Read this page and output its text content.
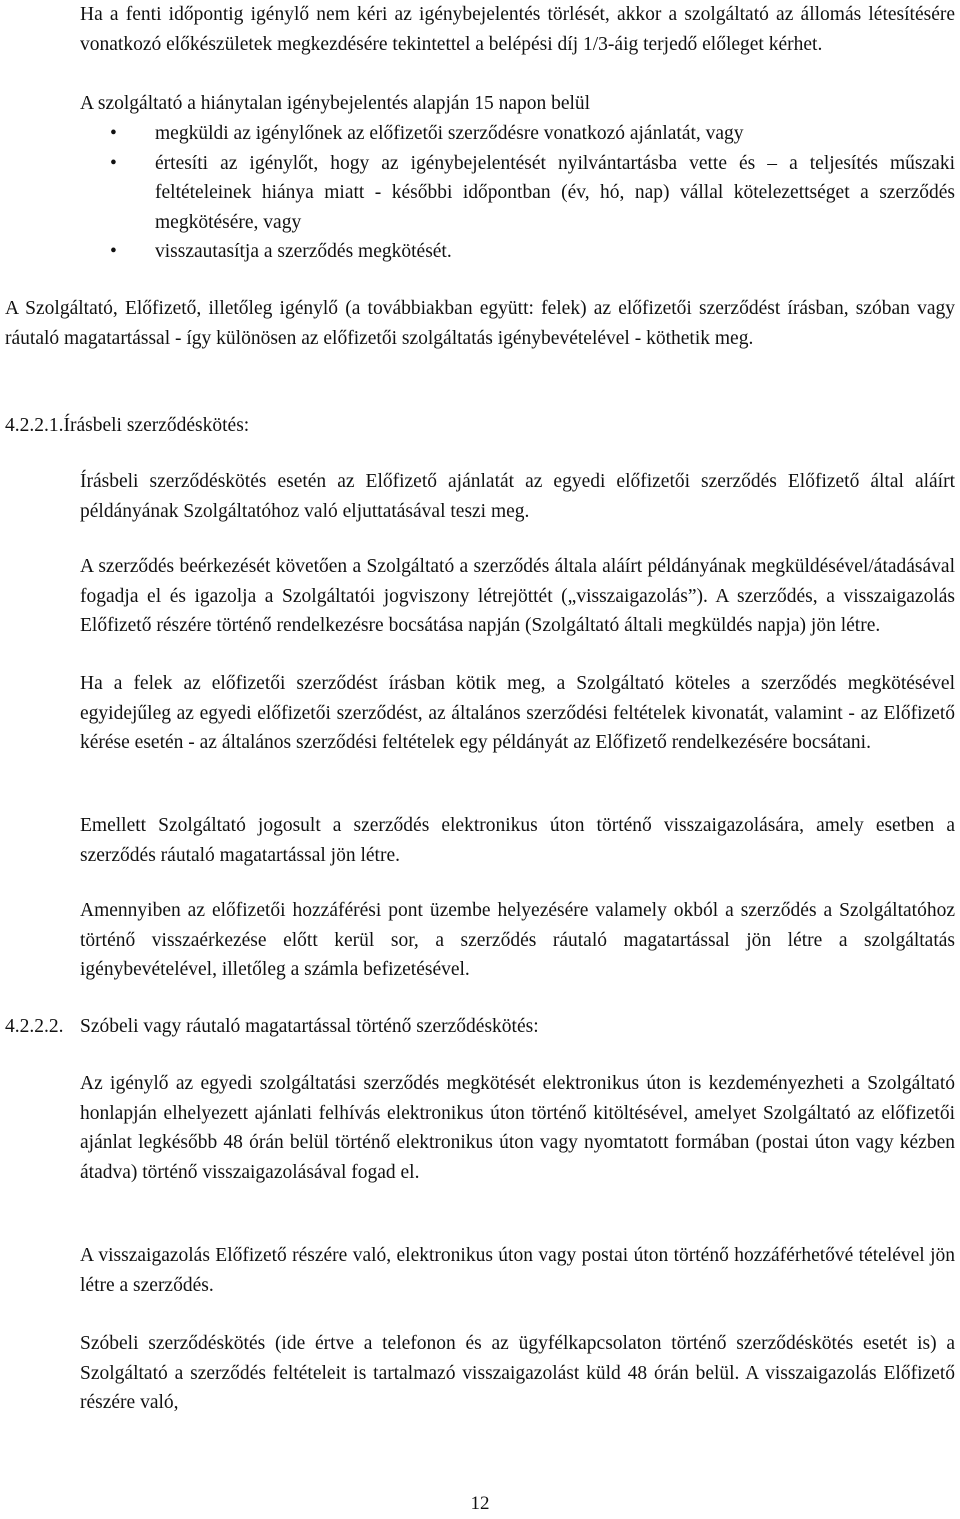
Ha a fenti időpontig igénylő nem kéri az igénybejelentés törlését, akkor a szolgáltató az állomás létesítésére vonatkozó előkészületek megkezdésére tekintettel a belépési díj 1/3-áig terjedő előleget kérhet.

A szolgáltató a hiánytalan igénybejelentés alapján 15 napon belül

• megküldi az igénylőnek az előfizetői szerződésre vonatkozó ajánlatát, vagy
• értesíti az igénylőt, hogy az igénybejelentését nyilvántartásba vette és – a teljesítés műszaki feltételeinek hiánya miatt - későbbi időpontban (év, hó, nap) vállal kötelezettséget a szerződés megkötésére, vagy
• visszautasítja a szerződés megkötését.

A Szolgáltató, Előfizető, illetőleg igénylő (a továbbiakban együtt: felek) az előfizetői szerződést írásban, szóban vagy ráutaló magatartással - így különösen az előfizetői szolgáltatás igénybevételével - köthetik meg.

4.2.2.1.Írásbeli szerződéskötés:

Írásbeli szerződéskötés esetén az Előfizető ajánlatát az egyedi előfizetői szerződés Előfizető által aláírt példányának Szolgáltatóhoz való eljuttatásával teszi meg.

A szerződés beérkezését követően a Szolgáltató a szerződés általa aláírt példányának megküldésével/átadásával fogadja el és igazolja a Szolgáltatói jogviszony létrejöttét („visszaigazolás”). A szerződés, a visszaigazolás Előfizető részére történő rendelkezésre bocsátása napján (Szolgáltató általi megküldés napja) jön létre.

Ha a felek az előfizetői szerződést írásban kötik meg, a Szolgáltató köteles a szerződés megkötésével egyidejűleg az egyedi előfizetői szerződést, az általános szerződési feltételek kivonatát, valamint - az Előfizető kérése esetén - az általános szerződési feltételek egy példányát az Előfizető rendelkezésére bocsátani.

Emellett Szolgáltató jogosult a szerződés elektronikus úton történő visszaigazolására, amely esetben a szerződés ráutaló magatartással jön létre.

Amennyiben az előfizetői hozzáférési pont üzembe helyezésére valamely okból a szerződés a Szolgáltatóhoz történő visszaérkezése előtt kerül sor, a szerződés ráutaló magatartással jön létre a szolgáltatás igénybevételével, illetőleg a számla befizetésével.

4.2.2.2. Szóbeli vagy ráutaló magatartással történő szerződéskötés:

Az igénylő az egyedi szolgáltatási szerződés megkötését elektronikus úton is kezdeményezheti a Szolgáltató honlapján elhelyezett ajánlati felhívás elektronikus úton történő kitöltésével, amelyet Szolgáltató az előfizetői ajánlat legkésőbb 48 órán belül történő elektronikus úton vagy nyomtatott formában (postai úton vagy kézben átadva) történő visszaigazolásával fogad el.

A visszaigazolás Előfizető részére való, elektronikus úton vagy postai úton történő hozzáférhetővé tételével jön létre a szerződés.

Szóbeli szerződéskötés (ide értve a telefonon és az ügyfélkapcsolaton történő szerződéskötés esetét is) a Szolgáltató a szerződés feltételeit is tartalmazó visszaigazolást küld 48 órán belül. A visszaigazolás Előfizető részére való,

12
